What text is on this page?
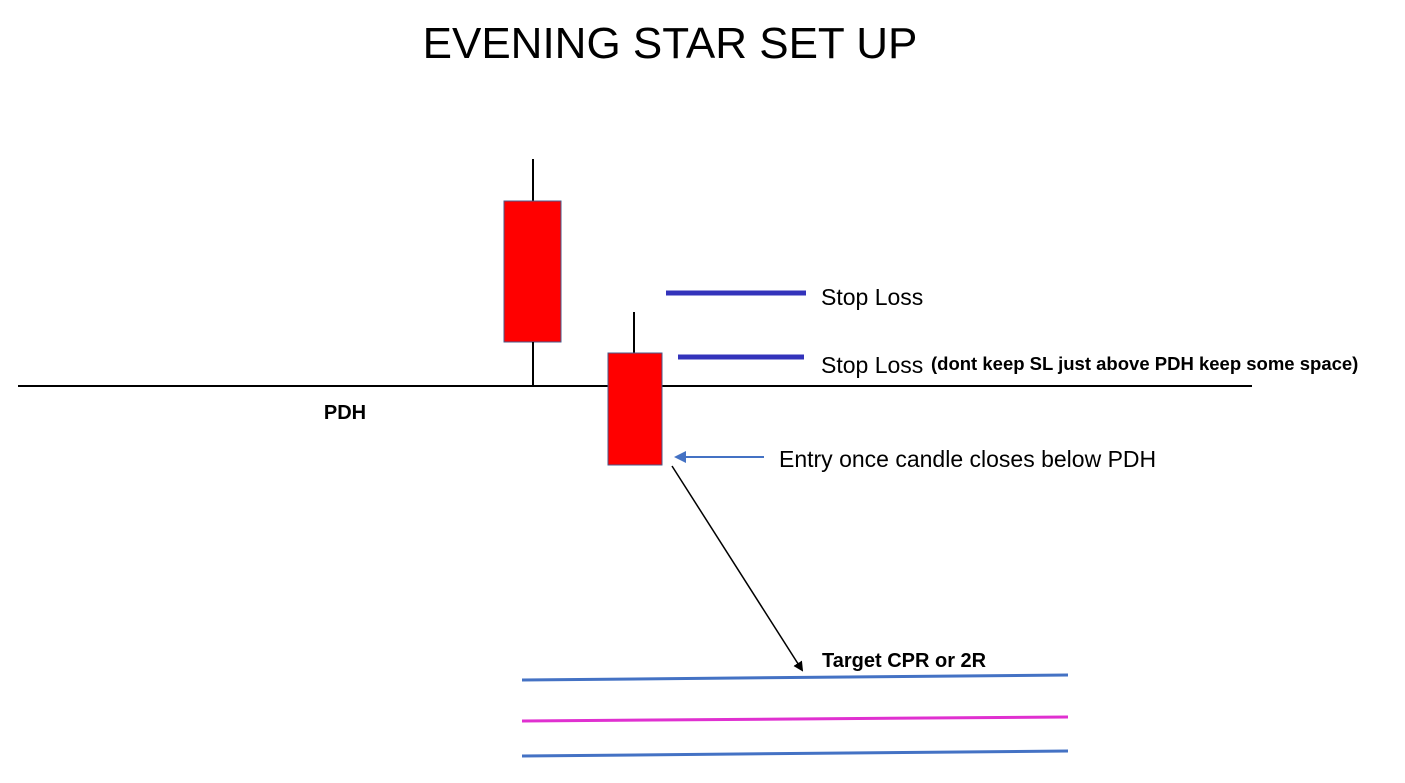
EVENING STAR SET UP
PDH
Stop Loss
Stop Loss (dont keep SL just above PDH keep some space)
Entry once candle closes below PDH
Target CPR or 2R
